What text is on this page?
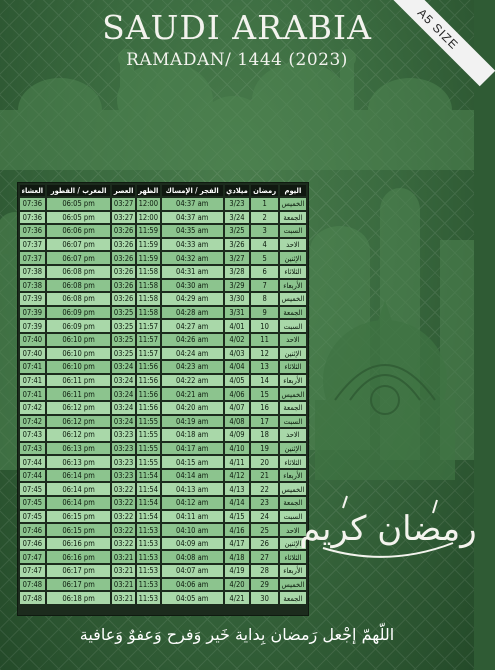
SAUDI ARABIA
RAMADAN/ 1444 (2023)
A5 SIZE
العشاء	المغرب / الفطور	العصر	الظهر	الفجر / الإمساك	ميلادي	رمضان	اليوم
07:36	06:05 pm	03:27	12:00	04:37 am	3/23	1	الخميس
07:36	06:05 pm	03:27	12:00	04:37 am	3/24	2	الجمعة
07:36	06:06 pm	03:26	11:59	04:35 am	3/25	3	السبت
07:37	06:07 pm	03:26	11:59	04:33 am	3/26	4	الاحد
07:37	06:07 pm	03:26	11:59	04:32 am	3/27	5	الإثنين
07:38	06:08 pm	03:26	11:58	04:31 am	3/28	6	الثلاثاء
07:38	06:08 pm	03:26	11:58	04:30 am	3/29	7	الأربعاء
07:39	06:08 pm	03:26	11:58	04:29 am	3/30	8	الخميس
07:39	06:09 pm	03:25	11:58	04:28 am	3/31	9	الجمعة
07:39	06:09 pm	03:25	11:57	04:27 am	4/01	10	السبت
07:40	06:10 pm	03:25	11:57	04:26 am	4/02	11	الاحد
07:40	06:10 pm	03:25	11:57	04:24 am	4/03	12	الإثنين
07:41	06:10 pm	03:24	11:56	04:23 am	4/04	13	الثلاثاء
07:41	06:11 pm	03:24	11:56	04:22 am	4/05	14	الأربعاء
07:41	06:11 pm	03:24	11:56	04:21 am	4/06	15	الخميس
07:42	06:12 pm	03:24	11:56	04:20 am	4/07	16	الجمعة
07:42	06:12 pm	03:24	11:55	04:19 am	4/08	17	السبت
07:43	06:12 pm	03:23	11:55	04:18 am	4/09	18	الاحد
07:43	06:13 pm	03:23	11:55	04:17 am	4/10	19	الإثنين
07:44	06:13 pm	03:23	11:55	04:15 am	4/11	20	الثلاثاء
07:44	06:14 pm	03:23	11:54	04:14 am	4/12	21	الأربعاء
07:45	06:14 pm	03:22	11:54	04:13 am	4/13	22	الخميس
07:45	06:14 pm	03:22	11:54	04:12 am	4/14	23	الجمعة
07:45	06:15 pm	03:22	11:54	04:11 am	4/15	24	السبت
07:46	06:15 pm	03:22	11:53	04:10 am	4/16	25	الاحد
07:46	06:16 pm	03:22	11:53	04:09 am	4/17	26	الإثنين
07:47	06:16 pm	03:21	11:53	04:08 am	4/18	27	الثلاثاء
07:47	06:17 pm	03:21	11:53	04:07 am	4/19	28	الأربعاء
07:48	06:17 pm	03:21	11:53	04:06 am	4/20	29	الخميس
07:48	06:18 pm	03:21	11:53	04:05 am	4/21	30	الجمعة
رمضان كريم
اللّهمّ إجْعل رَمضان بِداية خَير وَفرح وَعفوٌ وَعافية
